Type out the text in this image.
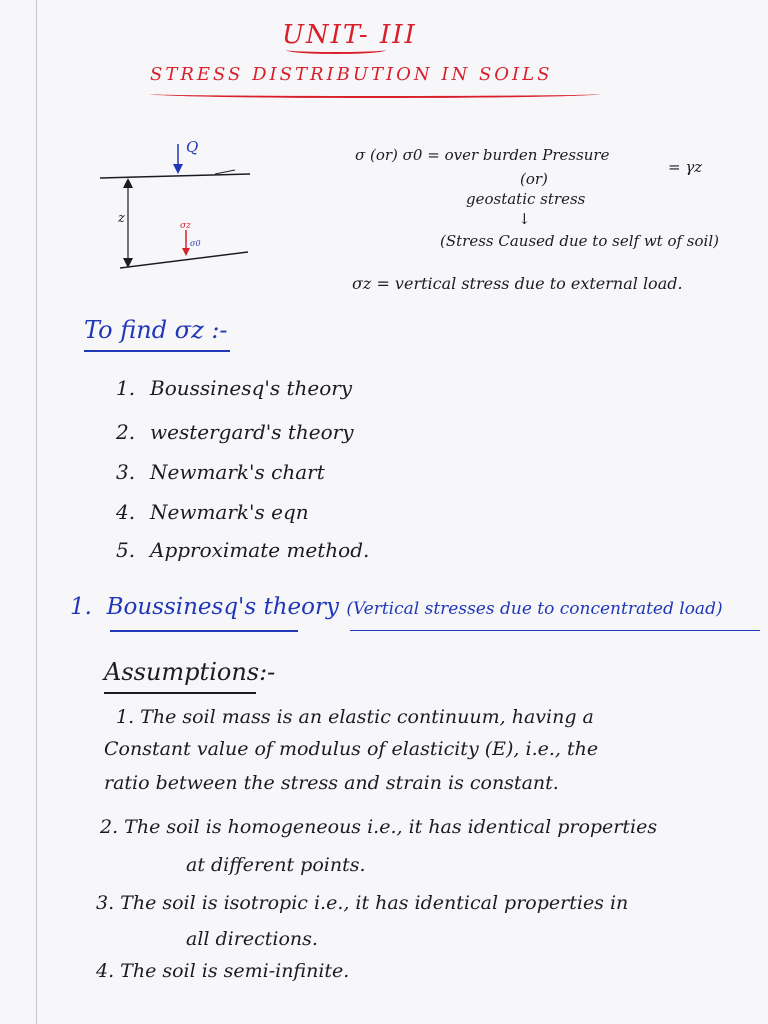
UNIT- III
STRESS DISTRIBUTION IN SOILS
Q
z	σz
σ0
σ (or) σ0 = over burden Pressure
= γz
(or)
geostatic stress
↓
(Stress Caused due to self wt of soil)
σz = vertical stress due to external load.
To find σz :-
1. Boussinesq's theory
2. westergard's theory
3. Newmark's chart
4. Newmark's eqn
5. Approximate method.
1. Boussinesq's theory (Vertical stresses due to concentrated load)
Assumptions:-
1. The soil mass is an elastic continuum, having a
Constant value of modulus of elasticity (E), i.e., the
ratio between the stress and strain is constant.
2. The soil is homogeneous i.e., it has identical properties
at different points.
3. The soil is isotropic i.e., it has identical properties in
all directions.
4. The soil is semi-infinite.
